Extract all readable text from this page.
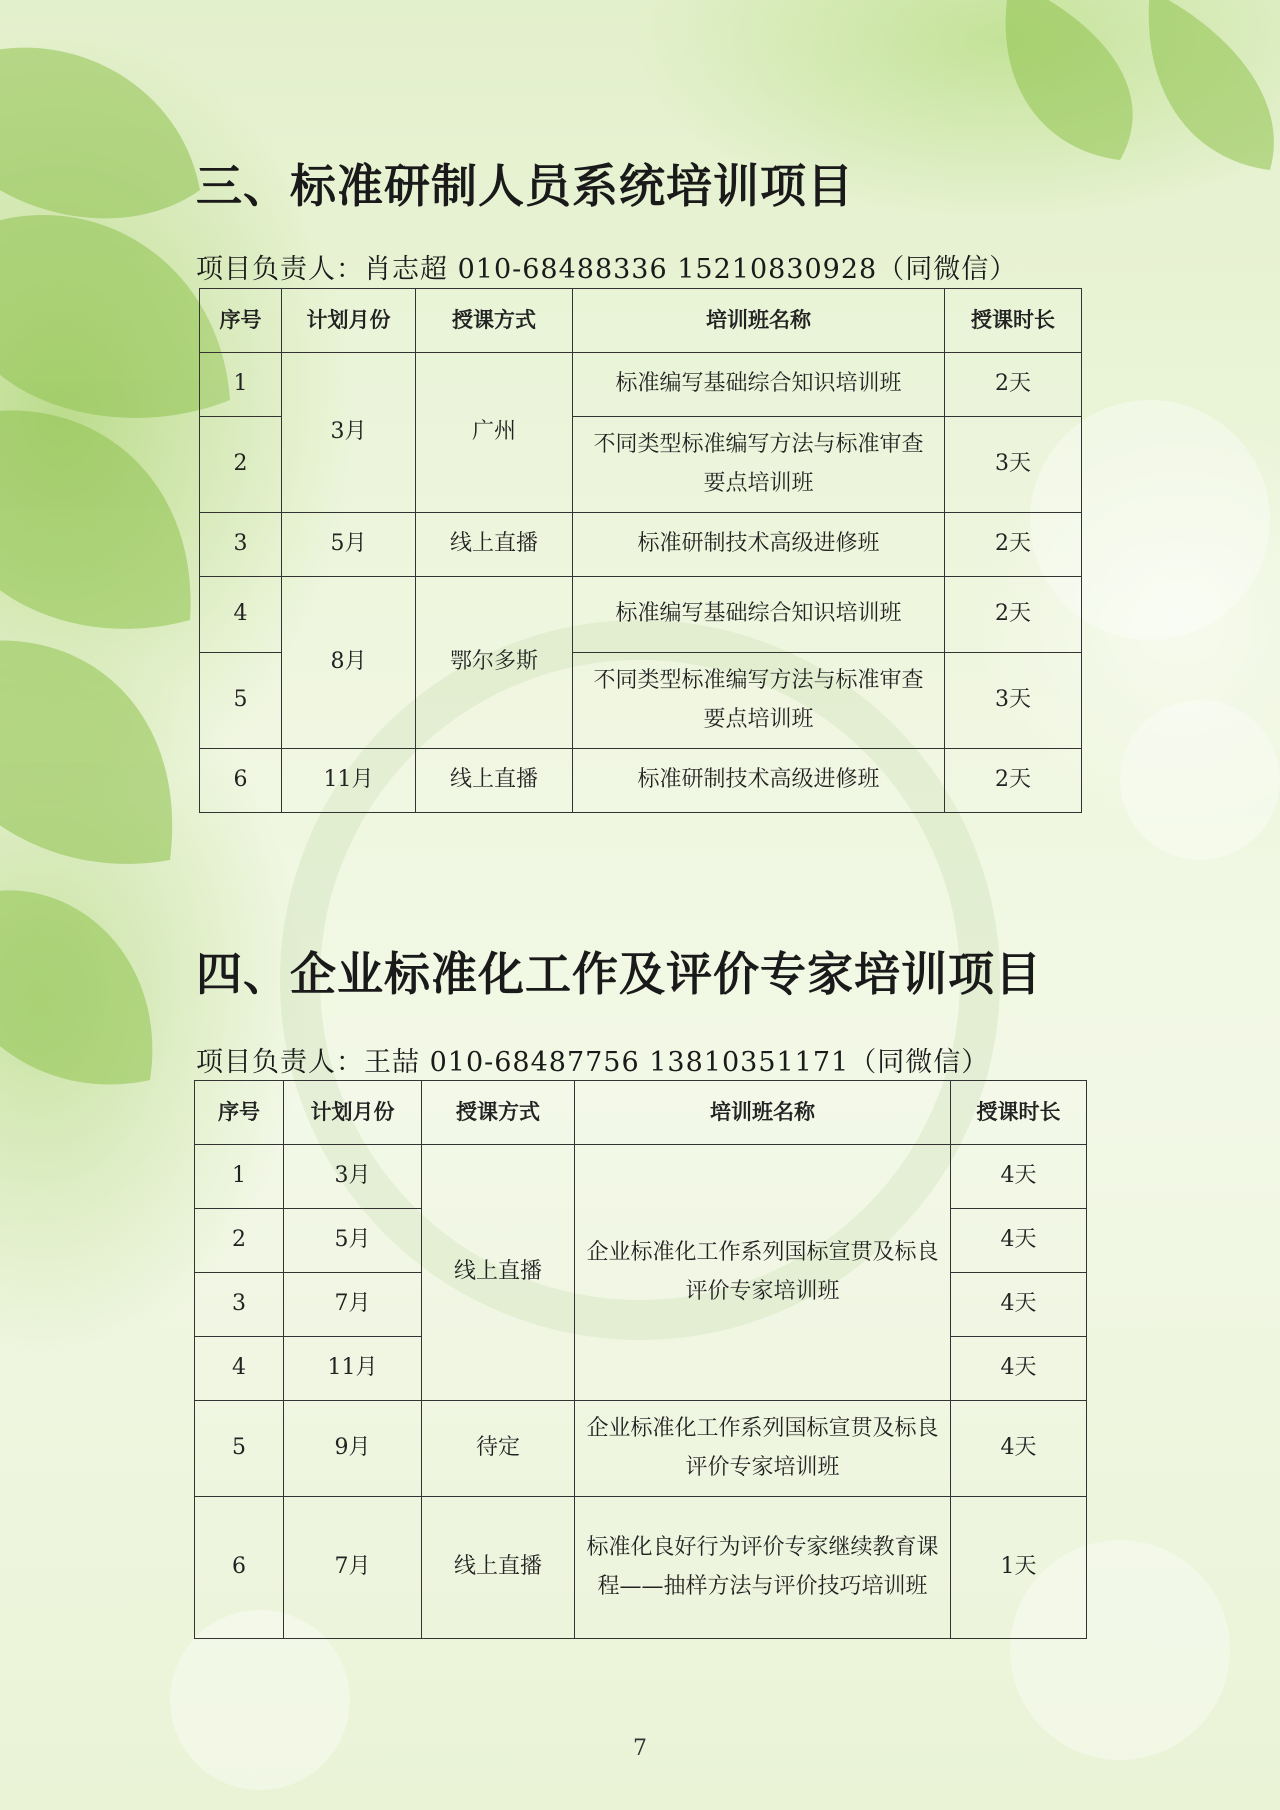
三、标准研制人员系统培训项目
项目负责人：肖志超 010-68488336 15210830928（同微信）
序号	计划月份	授课方式	培训班名称	授课时长
1	3月	广州	标准编写基础综合知识培训班	2天
2			不同类型标准编写方法与标准审查要点培训班	3天
3	5月	线上直播	标准研制技术高级进修班	2天
4	8月	鄂尔多斯	标准编写基础综合知识培训班	2天
5			不同类型标准编写方法与标准审查要点培训班	3天
6	11月	线上直播	标准研制技术高级进修班	2天
四、企业标准化工作及评价专家培训项目
项目负责人：王喆 010-68487756 13810351171（同微信）
序号	计划月份	授课方式	培训班名称	授课时长
1	3月	线上直播	企业标准化工作系列国标宣贯及标良评价专家培训班	4天
2	5月			4天
3	7月			4天
4	11月			4天
5	9月	待定	企业标准化工作系列国标宣贯及标良评价专家培训班	4天
6	7月	线上直播	标准化良好行为评价专家继续教育课程——抽样方法与评价技巧培训班	1天
7
